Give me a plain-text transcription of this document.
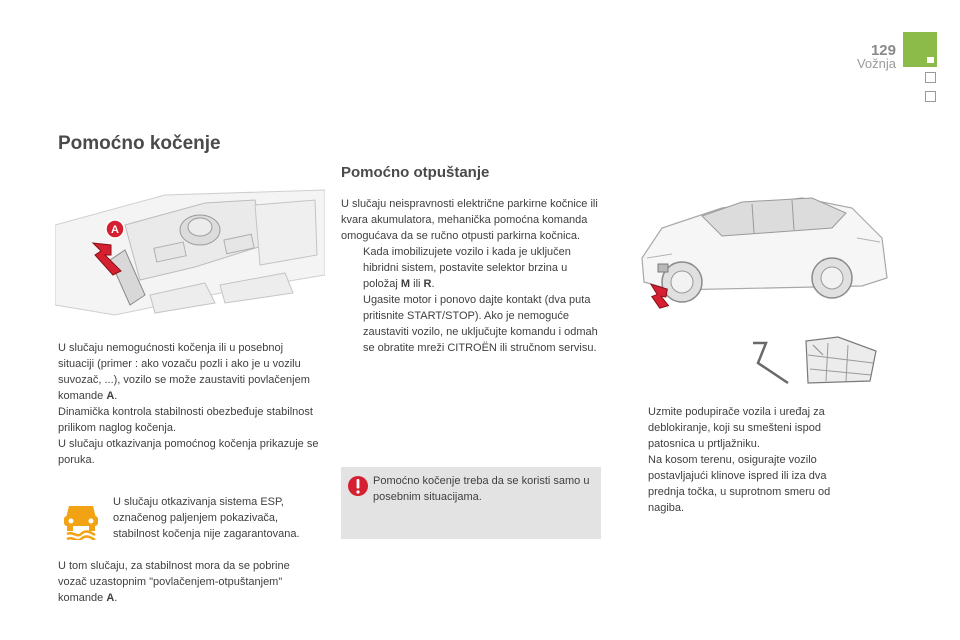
129
Vožnja
Pomoćno kočenje
A

U slučaju nemogućnosti kočenja ili u posebnoj situaciji (primer : ako vozaču pozli i ako je u vozilu suvozač, ...), vozilo se može zaustaviti povlačenjem komande A.

Dinamička kontrola stabilnosti obezbeđuje stabilnost prilikom naglog kočenja.

U slučaju otkazivanja pomoćnog kočenja prikazuje se poruka.

U slučaju otkazivanja sistema ESP, označenog paljenjem pokazivača, stabilnost kočenja nije zagarantovana.
U tom slučaju, za stabilnost mora da se pobrine vozač uzastopnim "povlačenjem-otpuštanjem" komande A.
Pomoćno otpuštanje

U slučaju neispravnosti električne parkirne kočnice ili kvara akumulatora, mehanička pomoćna komanda omogućava da se ručno otpusti parkirna kočnica.

Kada imobilizujete vozilo i kada je uključen hibridni sistem, postavite selektor brzina u položaj M ili R.
Ugasite motor i ponovo dajte kontakt (dva puta pritisnite START/STOP). Ako je nemoguće zaustaviti vozilo, ne uključujte komandu i odmah se obratite mreži CITROËN ili stručnom servisu.
Pomoćno kočenje treba da se koristi samo u posebnim situacijama.
Uzmite podupirače vozila i uređaj za deblokiranje, koji su smešteni ispod patosnica u prtljažniku.
Na kosom terenu, osigurajte vozilo postavljajući klinove ispred ili iza dva prednja točka, u suprotnom smeru od nagiba.
